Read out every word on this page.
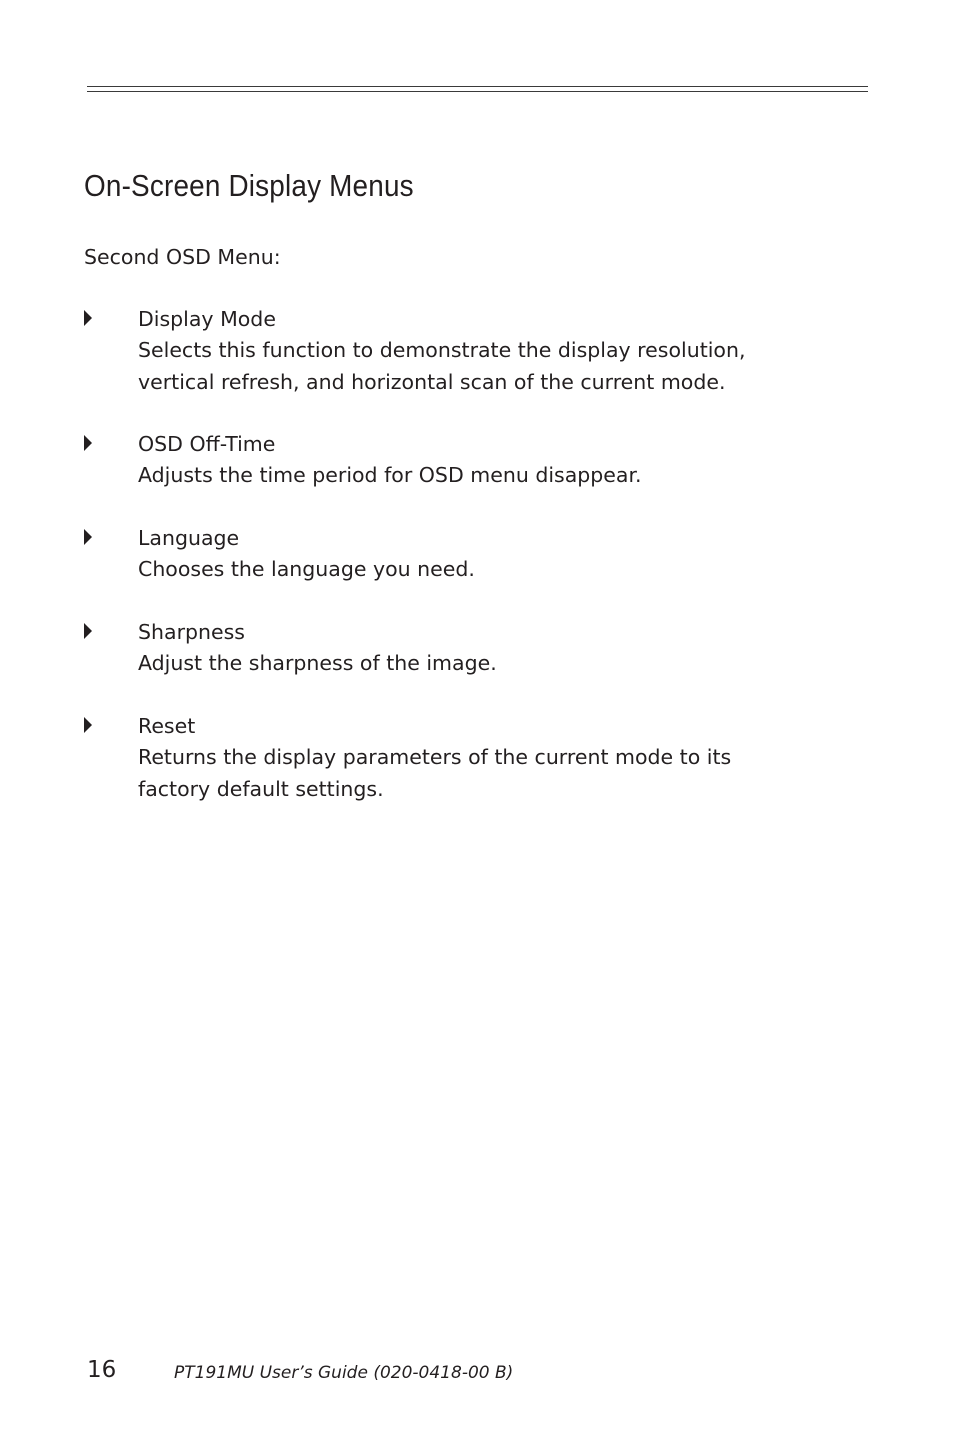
On-Screen Display Menus

Second OSD Menu:

Display Mode

Selects this function to demonstrate the display resolution, vertical refresh, and horizontal scan of the current mode.

OSD Off-Time

Adjusts the time period for OSD menu disappear.

Language

Chooses the language you need.

Sharpness

Adjust the sharpness of the image.

Reset

Returns the display parameters of the current mode to its factory default settings.

16	PT191MU User’s Guide (020-0418-00 B)
